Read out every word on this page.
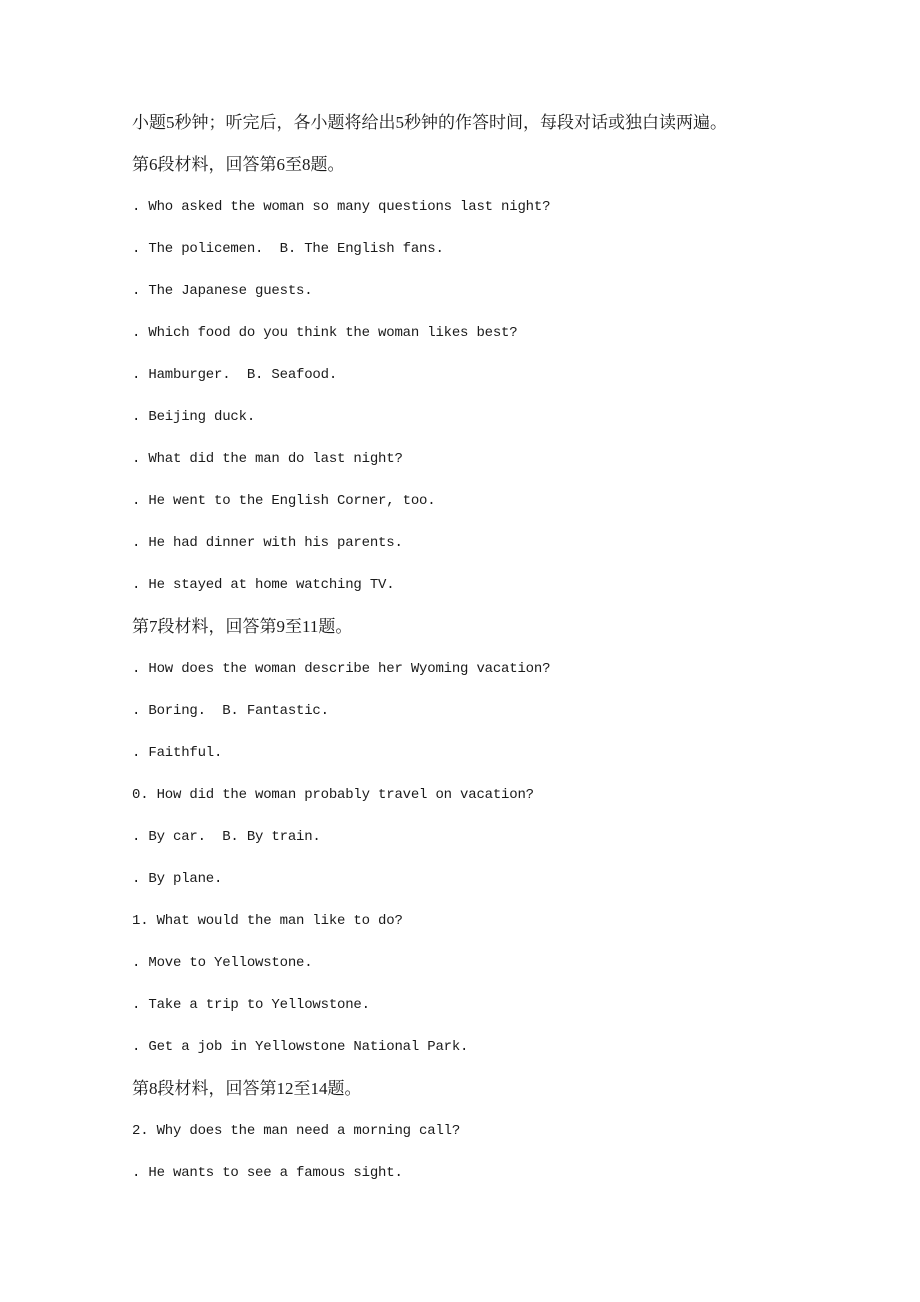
小题5秒钟；听完后，各小题将给出5秒钟的作答时间，每段对话或独白读两遍。

第6段材料，回答第6至8题。

. Who asked the woman so many questions last night?

. The policemen.  B. The English fans.

. The Japanese guests.

. Which food do you think the woman likes best?

. Hamburger.  B. Seafood.

. Beijing duck.

. What did the man do last night?

. He went to the English Corner, too.

. He had dinner with his parents.

. He stayed at home watching TV.

第7段材料，回答第9至11题。

. How does the woman describe her Wyoming vacation?

. Boring.  B. Fantastic.

. Faithful.

0. How did the woman probably travel on vacation?

. By car.  B. By train.

. By plane.

1. What would the man like to do?

. Move to Yellowstone.

. Take a trip to Yellowstone.

. Get a job in Yellowstone National Park.

第8段材料，回答第12至14题。

2. Why does the man need a morning call?

. He wants to see a famous sight.
